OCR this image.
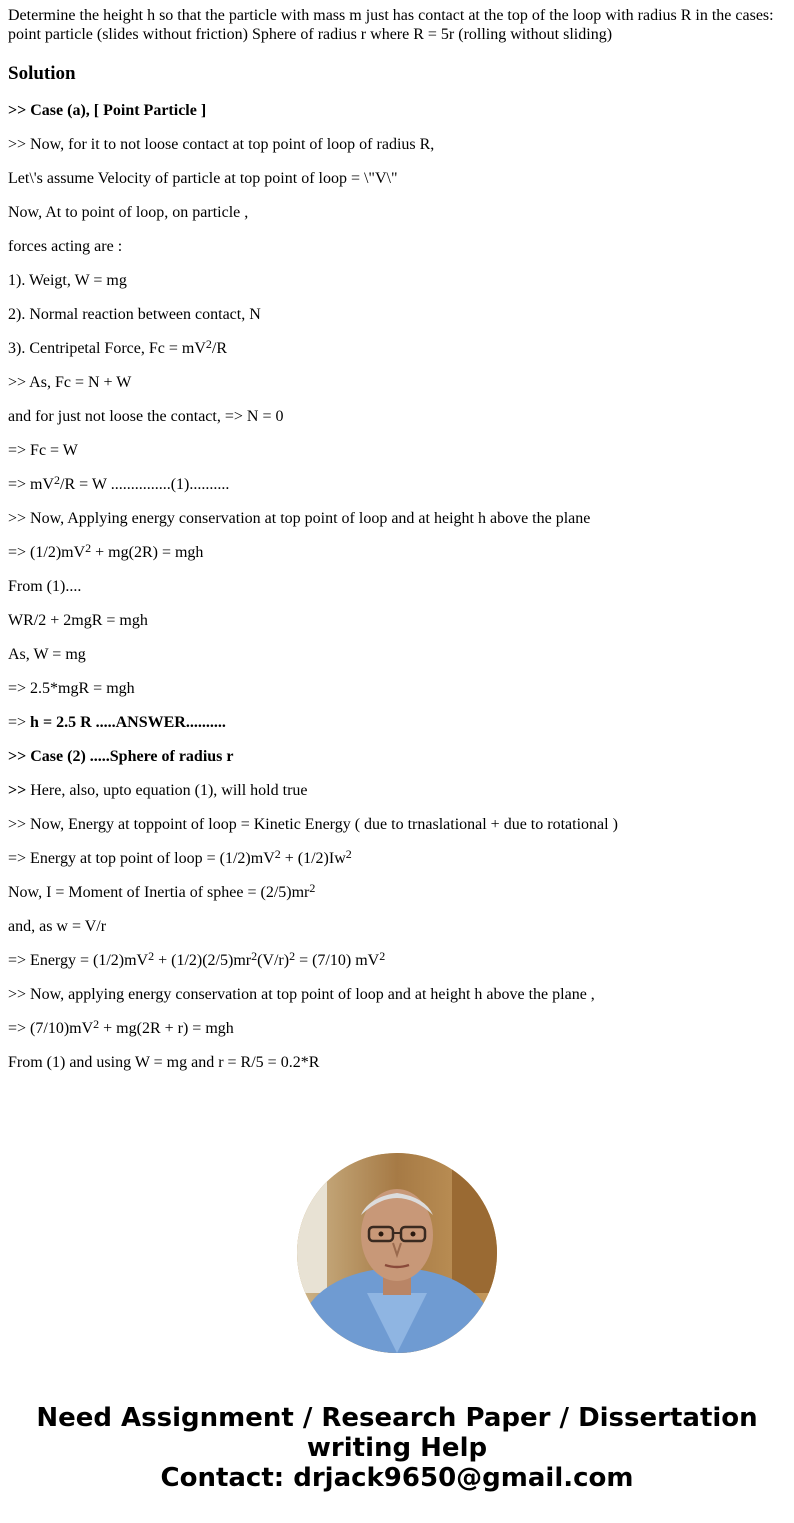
Determine the height h so that the particle with mass m just has contact at the top of the loop with radius R in the cases: point particle (slides without friction) Sphere of radius r where R = 5r (rolling without sliding)

Solution

>> Case (a), [ Point Particle ]

>> Now, for it to not loose contact at top point of loop of radius R,

Let\'s assume Velocity of particle at top point of loop = \"V\"

Now, At to point of loop, on particle ,

forces acting are :

1). Weigt, W = mg

2). Normal reaction between contact, N

3). Centripetal Force, $Fc = mV^2/R$

>> As, Fc = N + W

and for just not loose the contact, => N = 0

=> Fc = W

=> $mV^2/R = W$ ...............(1)..........

>> Now, Applying energy conservation at top point of loop and at height h above the plane

=> $(1/2)mV^2 + mg(2R)$ = mgh

From (1)....

WR/2 + 2mgR = mgh

As, W = mg

=> 2.5*mgR = mgh

=> h = 2.5 R .....ANSWER..........

>> Case (2) .....Sphere of radius r

>> Here, also, upto equation (1), will hold true

>> Now, Energy at toppoint of loop = Kinetic Energy ( due to trnaslational + due to rotational )

=> Energy at top point of loop = $(1/2)mV^2 + (1/2)Iw^2$

Now, I = Moment of Inertia of sphee = $(2/5)mr^2$

and, as w = V/r

=> Energy = $(1/2)mV^2 + (1/2)(2/5)mr^2(V/r)^2 = (7/10)$ $mV^2$

>> Now, applying energy conservation at top point of loop and at height h above the plane ,

=> $(7/10)mV^2 + mg(2R + r)$ = mgh

From (1) and using W = mg and r = R/5 = 0.2*R

Need Assignment / Research Paper / Dissertation
writing Help
Contact: drjack9650@gmail.com
